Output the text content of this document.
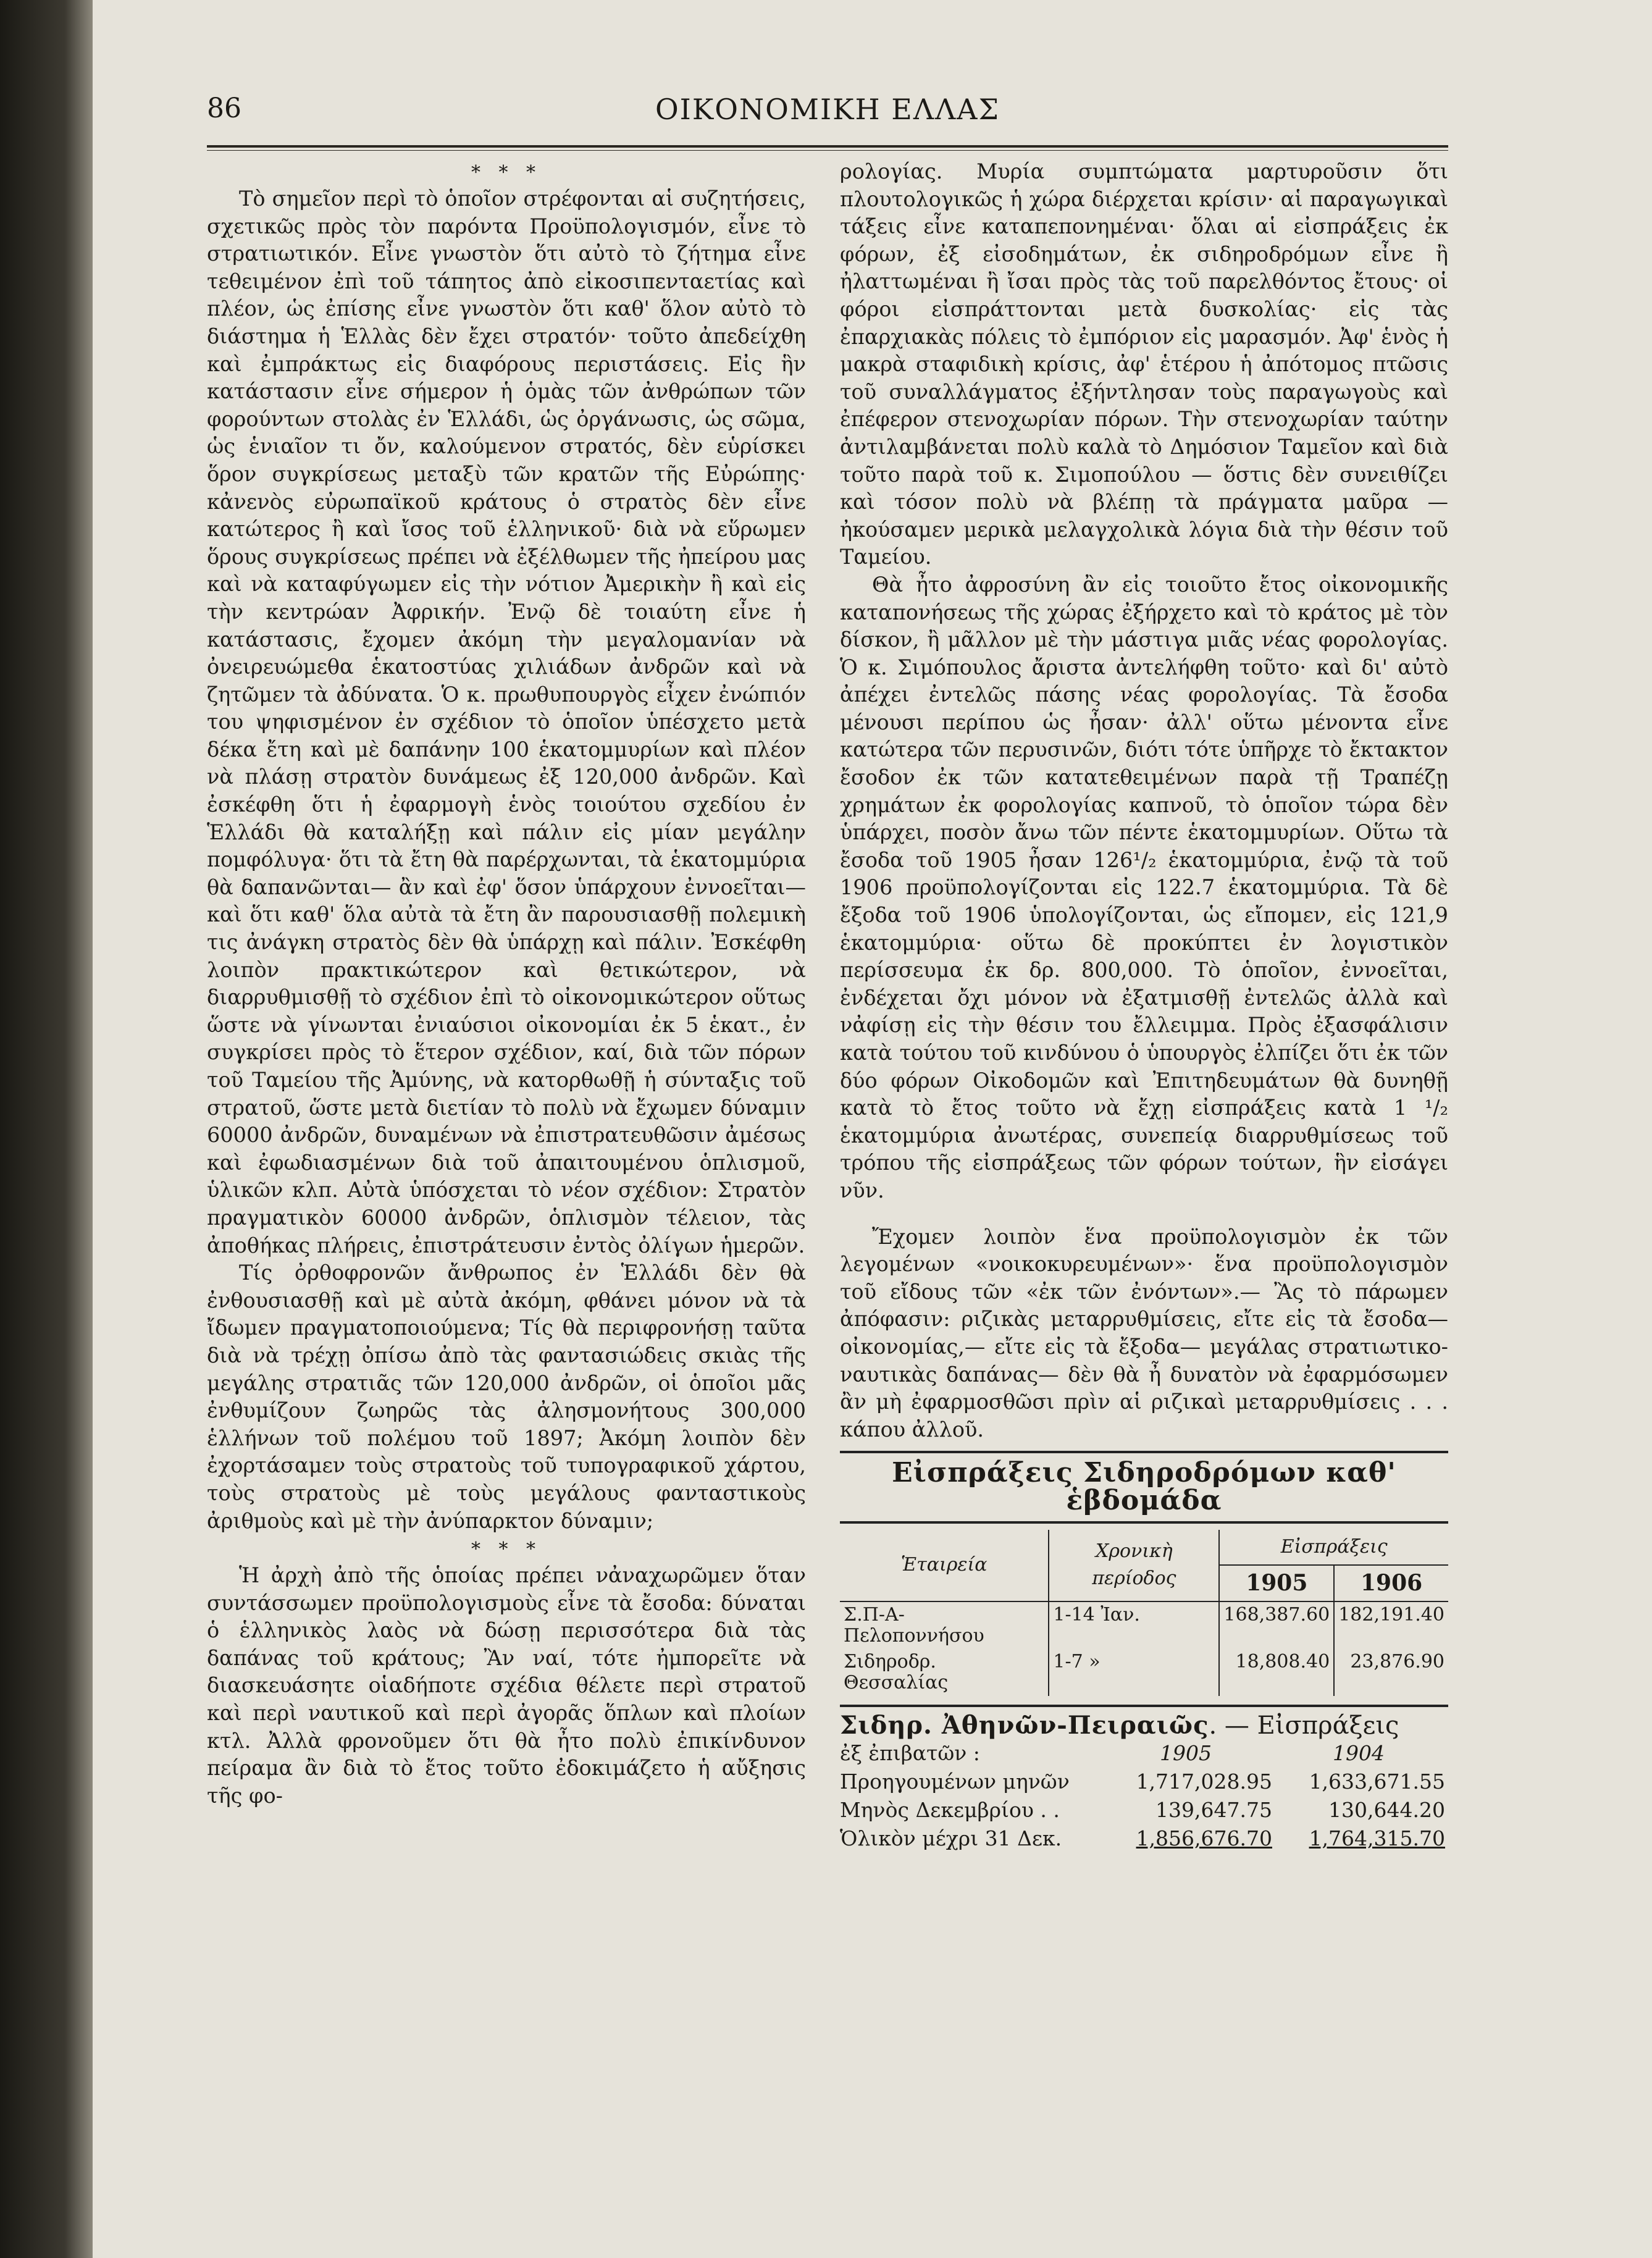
86	ΟΙΚΟΝΟΜΙΚΗ ΕΛΛΑΣ
* * *

Τὸ σημεῖον περὶ τὸ ὁποῖον στρέφονται αἱ συζητήσεις, σχετικῶς πρὸς τὸν παρόντα Προϋπολογισμόν, εἶνε τὸ στρατιωτικόν. Εἶνε γνωστὸν ὅτι αὐτὸ τὸ ζήτημα εἶνε τεθειμένον ἐπὶ τοῦ τάπητος ἀπὸ εἰκοσιπενταετίας καὶ πλέον, ὡς ἐπίσης εἶνε γνωστὸν ὅτι καθ' ὅλον αὐτὸ τὸ διάστημα ἡ Ἑλλὰς δὲν ἔχει στρατόν· τοῦτο ἀπεδείχθη καὶ ἐμπράκτως εἰς διαφόρους περιστάσεις. Εἰς ἣν κατάστασιν εἶνε σήμερον ἡ ὁμὰς τῶν ἀνθρώπων τῶν φορούντων στολὰς ἐν Ἑλλάδι, ὡς ὀργάνωσις, ὡς σῶμα, ὡς ἑνιαῖον τι ὄν, καλούμενον στρατός, δὲν εὑρίσκει ὅρον συγκρίσεως μεταξὺ τῶν κρατῶν τῆς Εὐρώπης· κἀνενὸς εὐρωπαϊκοῦ κράτους ὁ στρατὸς δὲν εἶνε κατώτερος ἢ καὶ ἴσος τοῦ ἑλληνικοῦ· διὰ νὰ εὕρωμεν ὅρους συγκρίσεως πρέπει νὰ ἐξέλθωμεν τῆς ἠπείρου μας καὶ νὰ καταφύγωμεν εἰς τὴν νότιον Ἀμερικὴν ἢ καὶ εἰς τὴν κεντρώαν Ἀφρικήν. Ἐνῷ δὲ τοιαύτη εἶνε ἡ κατάστασις, ἔχομεν ἀκόμη τὴν μεγαλομανίαν νὰ ὀνειρευώμεθα ἑκατοστύας χιλιάδων ἀνδρῶν καὶ νὰ ζητῶμεν τὰ ἀδύνατα. Ὁ κ. πρωθυπουργὸς εἶχεν ἐνώπιόν του ψηφισμένον ἐν σχέδιον τὸ ὁποῖον ὑπέσχετο μετὰ δέκα ἔτη καὶ μὲ δαπάνην 100 ἑκατομμυρίων καὶ πλέον νὰ πλάσῃ στρατὸν δυνάμεως ἐξ 120,000 ἀνδρῶν. Καὶ ἐσκέφθη ὅτι ἡ ἐφαρμογὴ ἑνὸς τοιούτου σχεδίου ἐν Ἑλλάδι θὰ καταλήξῃ καὶ πάλιν εἰς μίαν μεγάλην πομφόλυγα· ὅτι τὰ ἔτη θὰ παρέρχωνται, τὰ ἑκατομμύρια θὰ δαπανῶνται— ἂν καὶ ἐφ' ὅσον ὑπάρχουν ἐννοεῖται— καὶ ὅτι καθ' ὅλα αὐτὰ τὰ ἔτη ἂν παρουσιασθῇ πολεμικὴ τις ἀνάγκη στρατὸς δὲν θὰ ὑπάρχῃ καὶ πάλιν. Ἐσκέφθη λοιπὸν πρακτικώτερον καὶ θετικώτερον, νὰ διαρρυθμισθῇ τὸ σχέδιον ἐπὶ τὸ οἰκονομικώτερον οὕτως ὥστε νὰ γίνωνται ἐνιαύσιοι οἰκονομίαι ἐκ 5 ἑκατ., ἐν συγκρίσει πρὸς τὸ ἕτερον σχέδιον, καί, διὰ τῶν πόρων τοῦ Ταμείου τῆς Ἀμύνης, νὰ κατορθωθῇ ἡ σύνταξις τοῦ στρατοῦ, ὥστε μετὰ διετίαν τὸ πολὺ νὰ ἔχωμεν δύναμιν 60000 ἀνδρῶν, δυναμένων νὰ ἐπιστρατευθῶσιν ἀμέσως καὶ ἐφωδιασμένων διὰ τοῦ ἀπαιτουμένου ὁπλισμοῦ, ὑλικῶν κλπ. Αὐτὰ ὑπόσχεται τὸ νέον σχέδιον: Στρατὸν πραγματικὸν 60000 ἀνδρῶν, ὁπλισμὸν τέλειον, τὰς ἀποθήκας πλήρεις, ἐπιστράτευσιν ἐντὸς ὀλίγων ἡμερῶν.

Τίς ὀρθοφρονῶν ἄνθρωπος ἐν Ἑλλάδι δὲν θὰ ἐνθουσιασθῇ καὶ μὲ αὐτὰ ἀκόμη, φθάνει μόνον νὰ τὰ ἴδωμεν πραγματοποιούμενα; Τίς θὰ περιφρονήσῃ ταῦτα διὰ νὰ τρέχῃ ὀπίσω ἀπὸ τὰς φαντασιώδεις σκιὰς τῆς μεγάλης στρατιᾶς τῶν 120,000 ἀνδρῶν, οἱ ὁποῖοι μᾶς ἐνθυμίζουν ζωηρῶς τὰς ἀλησμονήτους 300,000 ἑλλήνων τοῦ πολέμου τοῦ 1897; Ἀκόμη λοιπὸν δὲν ἐχορτάσαμεν τοὺς στρατοὺς τοῦ τυπογραφικοῦ χάρτου, τοὺς στρατοὺς μὲ τοὺς μεγάλους φανταστικοὺς ἀριθμοὺς καὶ μὲ τὴν ἀνύπαρκτον δύναμιν;

* * *

Ἡ ἀρχὴ ἀπὸ τῆς ὁποίας πρέπει νἀναχωρῶμεν ὅταν συντάσσωμεν προϋπολογισμοὺς εἶνε τὰ ἔσοδα: δύναται ὁ ἑλληνικὸς λαὸς νὰ δώσῃ περισσότερα διὰ τὰς δαπάνας τοῦ κράτους; Ἂν ναί, τότε ἠμπορεῖτε νὰ διασκευάσητε οἱαδήποτε σχέδια θέλετε περὶ στρατοῦ καὶ περὶ ναυτικοῦ καὶ περὶ ἀγορᾶς ὅπλων καὶ πλοίων κτλ. Ἀλλὰ φρονοῦμεν ὅτι θὰ ἦτο πολὺ ἐπικίνδυνον πείραμα ἂν διὰ τὸ ἔτος τοῦτο ἐδοκιμάζετο ἡ αὔξησις τῆς φο-

ρολογίας. Μυρία συμπτώματα μαρτυροῦσιν ὅτι πλουτολογικῶς ἡ χώρα διέρχεται κρίσιν· αἱ παραγωγικαὶ τάξεις εἶνε καταπεπονημέναι· ὅλαι αἱ εἰσπράξεις ἐκ φόρων, ἐξ εἰσοδημάτων, ἐκ σιδηροδρόμων εἶνε ἢ ἠλαττωμέναι ἢ ἴσαι πρὸς τὰς τοῦ παρελθόντος ἔτους· οἱ φόροι εἰσπράττονται μετὰ δυσκολίας· εἰς τὰς ἐπαρχιακὰς πόλεις τὸ ἐμπόριον εἰς μαρασμόν. Ἀφ' ἑνὸς ἡ μακρὰ σταφιδικὴ κρίσις, ἀφ' ἑτέρου ἡ ἀπότομος πτῶσις τοῦ συναλλάγματος ἐξήντλησαν τοὺς παραγωγοὺς καὶ ἐπέφερον στενοχωρίαν πόρων. Τὴν στενοχωρίαν ταύτην ἀντιλαμβάνεται πολὺ καλὰ τὸ Δημόσιον Ταμεῖον καὶ διὰ τοῦτο παρὰ τοῦ κ. Σιμοπούλου — ὅστις δὲν συνειθίζει καὶ τόσον πολὺ νὰ βλέπῃ τὰ πράγματα μαῦρα — ἠκούσαμεν μερικὰ μελαγχολικὰ λόγια διὰ τὴν θέσιν τοῦ Ταμείου.

Θὰ ἦτο ἀφροσύνη ἂν εἰς τοιοῦτο ἔτος οἰκονομικῆς καταπονήσεως τῆς χώρας ἐξήρχετο καὶ τὸ κράτος μὲ τὸν δίσκον, ἢ μᾶλλον μὲ τὴν μάστιγα μιᾶς νέας φορολογίας. Ὁ κ. Σιμόπουλος ἄριστα ἀντελήφθη τοῦτο· καὶ δι' αὐτὸ ἀπέχει ἐντελῶς πάσης νέας φορολογίας. Τὰ ἔσοδα μένουσι περίπου ὡς ἦσαν· ἀλλ' οὕτω μένοντα εἶνε κατώτερα τῶν περυσινῶν, διότι τότε ὑπῆρχε τὸ ἔκτακτον ἔσοδον ἐκ τῶν κατατεθειμένων παρὰ τῇ Τραπέζῃ χρημάτων ἐκ φορολογίας καπνοῦ, τὸ ὁποῖον τώρα δὲν ὑπάρχει, ποσὸν ἄνω τῶν πέντε ἑκατομμυρίων. Οὕτω τὰ ἔσοδα τοῦ 1905 ἦσαν 126¹/₂ ἑκατομμύρια, ἐνῷ τὰ τοῦ 1906 προϋπολογίζονται εἰς 122.7 ἑκατομμύρια. Τὰ δὲ ἔξοδα τοῦ 1906 ὑπολογίζονται, ὡς εἴπομεν, εἰς 121,9 ἑκατομμύρια· οὕτω δὲ προκύπτει ἐν λογιστικὸν περίσσευμα ἐκ δρ. 800,000. Τὸ ὁποῖον, ἐννοεῖται, ἐνδέχεται ὄχι μόνον νὰ ἐξατμισθῇ ἐντελῶς ἀλλὰ καὶ νἀφίσῃ εἰς τὴν θέσιν του ἔλλειμμα. Πρὸς ἐξασφάλισιν κατὰ τούτου τοῦ κινδύνου ὁ ὑπουργὸς ἐλπίζει ὅτι ἐκ τῶν δύο φόρων Οἰκοδομῶν καὶ Ἐπιτηδευμάτων θὰ δυνηθῇ κατὰ τὸ ἔτος τοῦτο νὰ ἔχῃ εἰσπράξεις κατὰ 1 ¹/₂ ἑκατομμύρια ἀνωτέρας, συνεπείᾳ διαρρυθμίσεως τοῦ τρόπου τῆς εἰσπράξεως τῶν φόρων τούτων, ἣν εἰσάγει νῦν.

Ἔχομεν λοιπὸν ἕνα προϋπολογισμὸν ἐκ τῶν λεγομένων «νοικοκυρευμένων»· ἕνα προϋπολογισμὸν τοῦ εἴδους τῶν «ἐκ τῶν ἐνόντων».— Ἂς τὸ πάρωμεν ἀπόφασιν: ριζικὰς μεταρρυθμίσεις, εἴτε εἰς τὰ ἔσοδα— οἰκονομίας,— εἴτε εἰς τὰ ἔξοδα— μεγάλας στρατιωτικο-ναυτικὰς δαπάνας— δὲν θὰ ἦ δυνατὸν νὰ ἐφαρμόσωμεν ἂν μὴ ἐφαρμοσθῶσι πρὶν αἱ ριζικαὶ μεταρρυθμίσεις . . . κάπου ἀλλοῦ.

Εἰσπράξεις Σιδηροδρόμων καθ' ἑβδομάδα
Ἑταιρεία	Χρονικὴ περίοδος	Εἰσπράξεις	
		1905	1906
Σ.Π-Α-Πελοποννήσου	1-14 Ἰαν.	168,387.60	182,191.40
Σιδηροδρ. Θεσσαλίας	1-7 »	18,808.40	23,876.90
Σιδηρ. Ἀθηνῶν-Πειραιῶς. — Εἰσπράξεις
ἐξ ἐπιβατῶν :	1905	1904
Προηγουμένων μηνῶν	1,717,028.95	1,633,671.55
Μηνὸς Δεκεμβρίου . .	139,647.75	130,644.20
Ὁλικὸν μέχρι 31 Δεκ.	1,856,676.70	1,764,315.70
